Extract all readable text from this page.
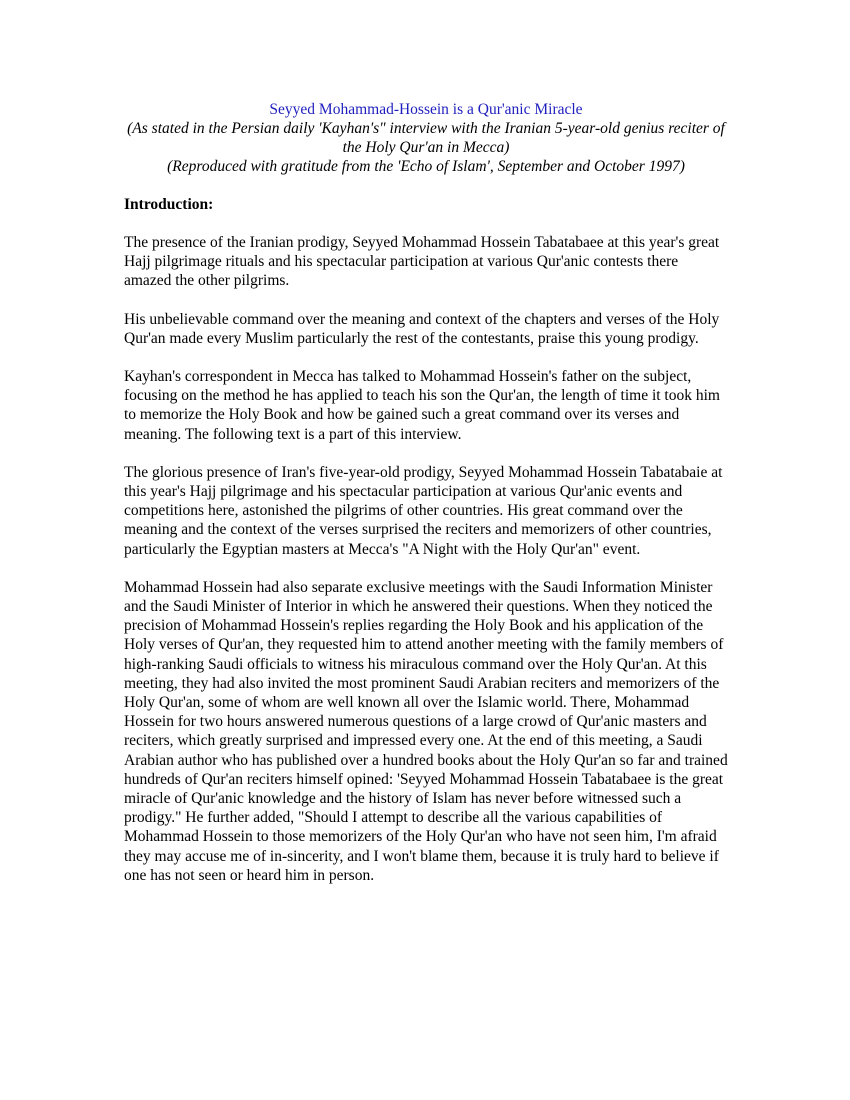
Seyyed Mohammad-Hossein is a Qur'anic Miracle

(As stated in the Persian daily 'Kayhan's" interview with the Iranian 5-year-old genius reciter of the Holy Qur'an in Mecca)

(Reproduced with gratitude from the 'Echo of Islam', September and October 1997)

Introduction:

The presence of the Iranian prodigy, Seyyed Mohammad Hossein Tabatabaee at this year's great Hajj pilgrimage rituals and his spectacular participation at various Qur'anic contests there amazed the other pilgrims.

His unbelievable command over the meaning and context of the chapters and verses of the Holy Qur'an made every Muslim particularly the rest of the contestants, praise this young prodigy.

Kayhan's correspondent in Mecca has talked to Mohammad Hossein's father on the subject, focusing on the method he has applied to teach his son the Qur'an, the length of time it took him to memorize the Holy Book and how be gained such a great command over its verses and meaning. The following text is a part of this interview.

The glorious presence of Iran's five-year-old prodigy, Seyyed Mohammad Hossein Tabatabaie at this year's Hajj pilgrimage and his spectacular participation at various Qur'anic events and competitions here, astonished the pilgrims of other countries. His great command over the meaning and the context of the verses surprised the reciters and memorizers of other countries, particularly the Egyptian masters at Mecca's "A Night with the Holy Qur'an" event.

Mohammad Hossein had also separate exclusive meetings with the Saudi Information Minister and the Saudi Minister of Interior in which he answered their questions. When they noticed the precision of Mohammad Hossein's replies regarding the Holy Book and his application of the Holy verses of Qur'an, they requested him to attend another meeting with the family members of high-ranking Saudi officials to witness his miraculous command over the Holy Qur'an. At this meeting, they had also invited the most prominent Saudi Arabian reciters and memorizers of the Holy Qur'an, some of whom are well known all over the Islamic world. There, Mohammad Hossein for two hours answered numerous questions of a large crowd of Qur'anic masters and reciters, which greatly surprised and impressed every one. At the end of this meeting, a Saudi Arabian author who has published over a hundred books about the Holy Qur'an so far and trained hundreds of Qur'an reciters himself opined: 'Seyyed Mohammad Hossein Tabatabaee is the great miracle of Qur'anic knowledge and the history of Islam has never before witnessed such a prodigy." He further added, "Should I attempt to describe all the various capabilities of Mohammad Hossein to those memorizers of the Holy Qur'an who have not seen him, I'm afraid they may accuse me of in-sincerity, and I won't blame them, because it is truly hard to believe if one has not seen or heard him in person.
